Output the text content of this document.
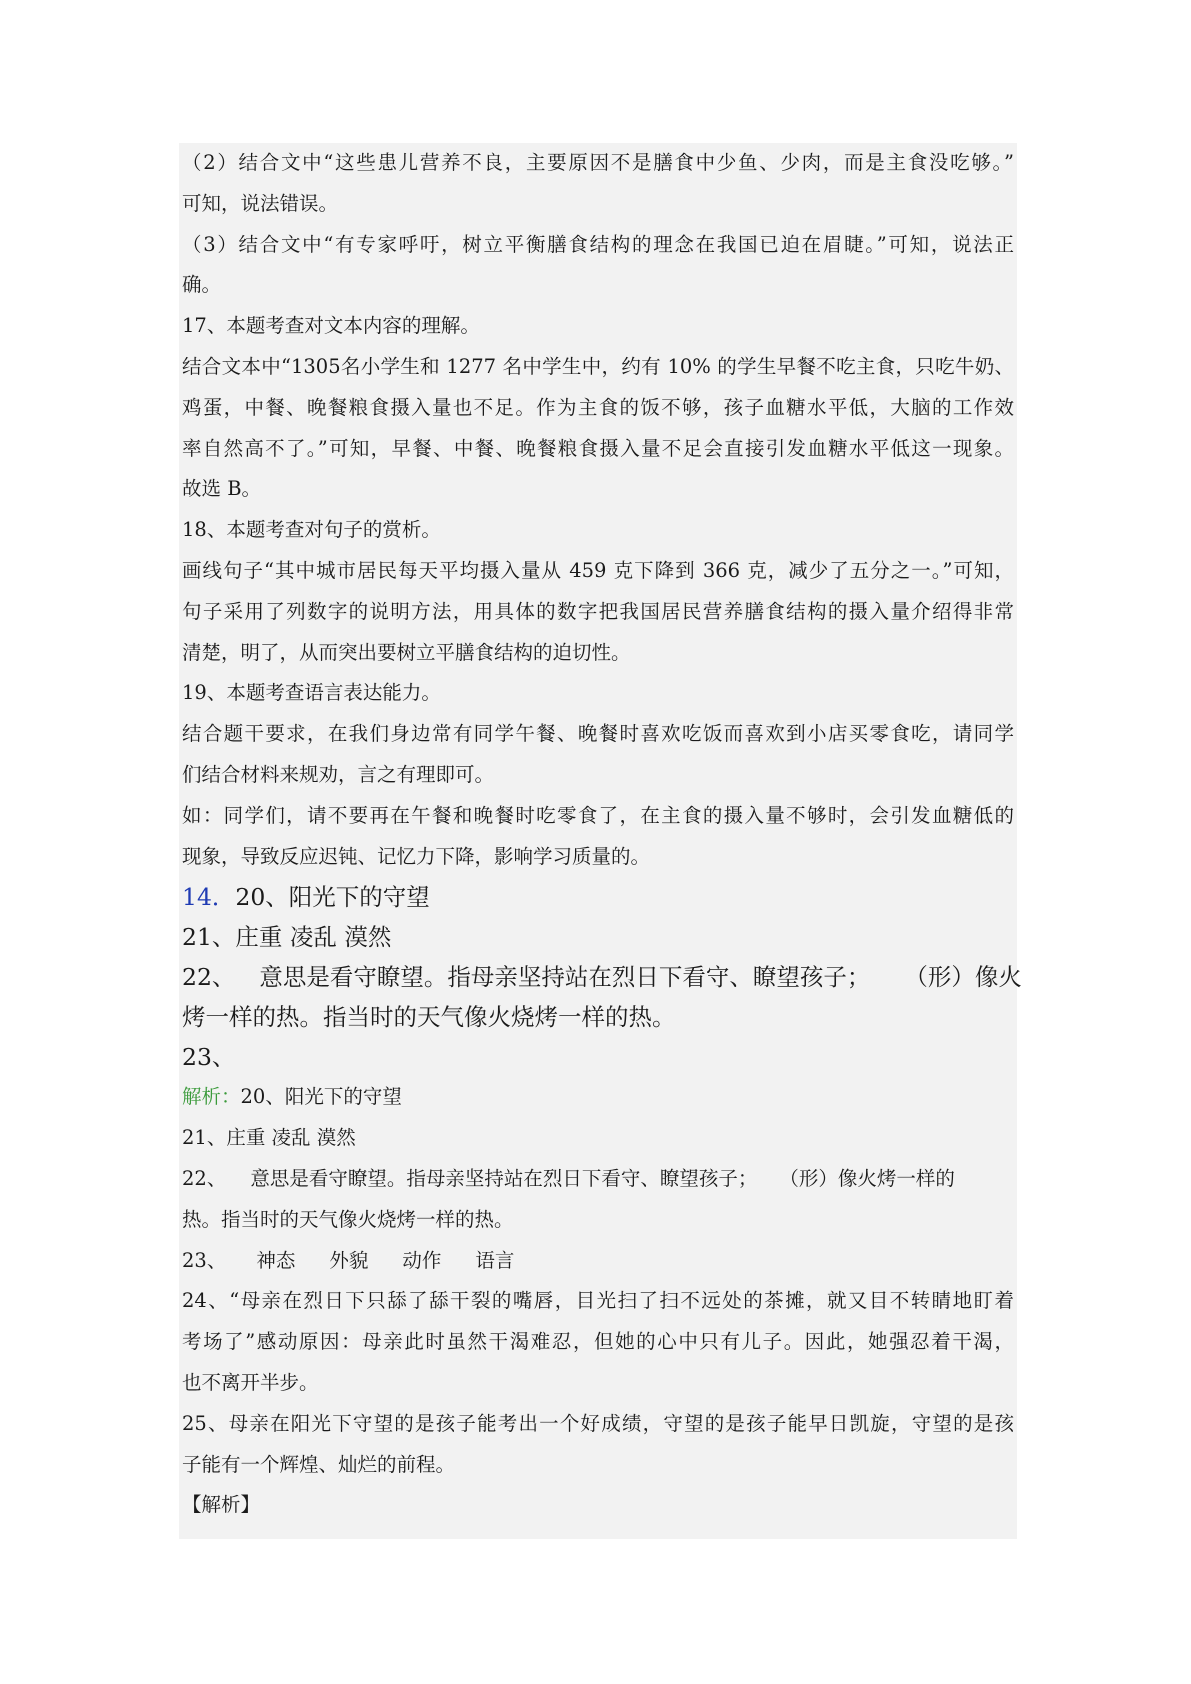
（2）结合文中“这些患儿营养不良，主要原因不是膳食中少鱼、少肉，而是主食没吃够。”
可知，说法错误。
（3）结合文中“有专家呼吁，树立平衡膳食结构的理念在我国已迫在眉睫。”可知，说法正
确。
17、本题考查对文本内容的理解。
结合文本中“1305名小学生和 1277 名中学生中，约有 10% 的学生早餐不吃主食，只吃牛奶、
鸡蛋，中餐、晚餐粮食摄入量也不足。作为主食的饭不够，孩子血糖水平低，大脑的工作效
率自然高不了。”可知，早餐、中餐、晚餐粮食摄入量不足会直接引发血糖水平低这一现象。
故选 B。
18、本题考查对句子的赏析。
画线句子“其中城市居民每天平均摄入量从 459 克下降到 366 克，减少了五分之一。”可知，
句子采用了列数字的说明方法，用具体的数字把我国居民营养膳食结构的摄入量介绍得非常
清楚，明了，从而突出要树立平膳食结构的迫切性。
19、本题考查语言表达能力。
结合题干要求，在我们身边常有同学午餐、晚餐时喜欢吃饭而喜欢到小店买零食吃，请同学
们结合材料来规劝，言之有理即可。
如：同学们，请不要再在午餐和晚餐时吃零食了，在主食的摄入量不够时，会引发血糖低的
现象，导致反应迟钝、记忆力下降，影响学习质量的。
14．20、阳光下的守望
21、庄重 凌乱 漠然
22、 意思是看守瞭望。指母亲坚持站在烈日下看守、瞭望孩子； （形）像火
烤一样的热。指当时的天气像火烧烤一样的热。
23、
解析：20、阳光下的守望
21、庄重 凌乱 漠然
22、 意思是看守瞭望。指母亲坚持站在烈日下看守、瞭望孩子； （形）像火烤一样的
热。指当时的天气像火烧烤一样的热。
23、 神态 外貌 动作 语言
24、“母亲在烈日下只舔了舔干裂的嘴唇，目光扫了扫不远处的茶摊，就又目不转睛地盯着
考场了”感动原因：母亲此时虽然干渴难忍，但她的心中只有儿子。因此，她强忍着干渴，
也不离开半步。
25、母亲在阳光下守望的是孩子能考出一个好成绩，守望的是孩子能早日凯旋，守望的是孩
子能有一个辉煌、灿烂的前程。
【解析】
